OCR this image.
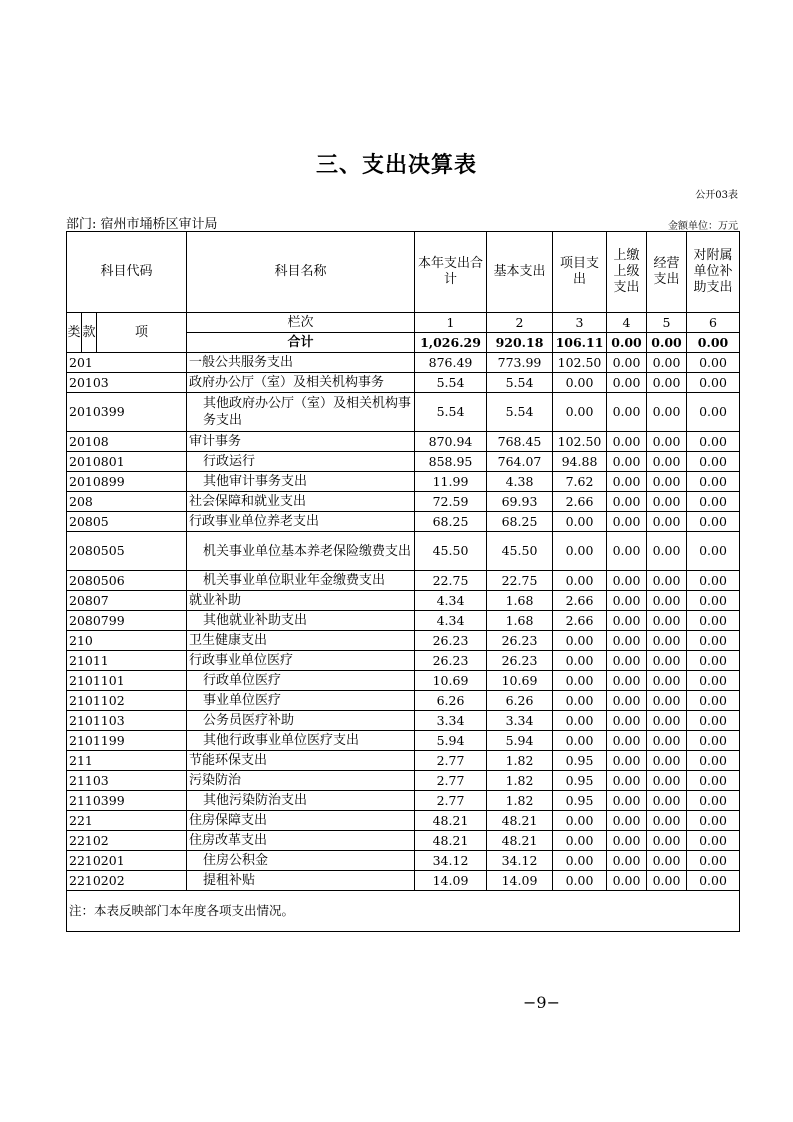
三、支出决算表
公开03表
部门: 宿州市埇桥区审计局	金额单位：万元
科目代码			科目名称	本年支出合计	基本支出	项目支出	上缴上级支出	经营支出	对附属单位补助支出
类	款	项	栏次	1	2	3	4	5	6
			合计	1,026.29	920.18	106.11	0.00	0.00	0.00
201			一般公共服务支出	876.49	773.99	102.50	0.00	0.00	0.00
20103			政府办公厅（室）及相关机构事务	5.54	5.54	0.00	0.00	0.00	0.00
2010399			其他政府办公厅（室）及相关机构事务支出	5.54	5.54	0.00	0.00	0.00	0.00
20108			审计事务	870.94	768.45	102.50	0.00	0.00	0.00
2010801			行政运行	858.95	764.07	94.88	0.00	0.00	0.00
2010899			其他审计事务支出	11.99	4.38	7.62	0.00	0.00	0.00
208			社会保障和就业支出	72.59	69.93	2.66	0.00	0.00	0.00
20805			行政事业单位养老支出	68.25	68.25	0.00	0.00	0.00	0.00
2080505			机关事业单位基本养老保险缴费支出	45.50	45.50	0.00	0.00	0.00	0.00
2080506			机关事业单位职业年金缴费支出	22.75	22.75	0.00	0.00	0.00	0.00
20807			就业补助	4.34	1.68	2.66	0.00	0.00	0.00
2080799			其他就业补助支出	4.34	1.68	2.66	0.00	0.00	0.00
210			卫生健康支出	26.23	26.23	0.00	0.00	0.00	0.00
21011			行政事业单位医疗	26.23	26.23	0.00	0.00	0.00	0.00
2101101			行政单位医疗	10.69	10.69	0.00	0.00	0.00	0.00
2101102			事业单位医疗	6.26	6.26	0.00	0.00	0.00	0.00
2101103			公务员医疗补助	3.34	3.34	0.00	0.00	0.00	0.00
2101199			其他行政事业单位医疗支出	5.94	5.94	0.00	0.00	0.00	0.00
211			节能环保支出	2.77	1.82	0.95	0.00	0.00	0.00
21103			污染防治	2.77	1.82	0.95	0.00	0.00	0.00
2110399			其他污染防治支出	2.77	1.82	0.95	0.00	0.00	0.00
221			住房保障支出	48.21	48.21	0.00	0.00	0.00	0.00
22102			住房改革支出	48.21	48.21	0.00	0.00	0.00	0.00
2210201			住房公积金	34.12	34.12	0.00	0.00	0.00	0.00
2210202			提租补贴	14.09	14.09	0.00	0.00	0.00	0.00
注：本表反映部门本年度各项支出情况。									
−9−
